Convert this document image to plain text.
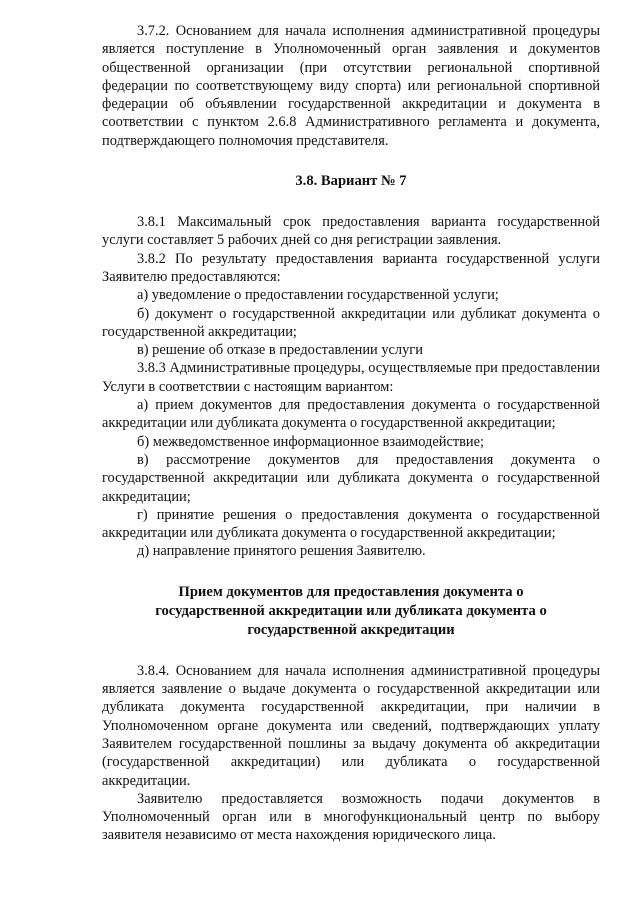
3.7.2. Основанием для начала исполнения административной процедуры является поступление в Уполномоченный орган заявления и документов общественной организации (при отсутствии региональной спортивной федерации по соответствующему виду спорта) или региональной спортивной федерации об объявлении государственной аккредитации и документа в соответствии с пунктом 2.6.8 Административного регламента и документа, подтверждающего полномочия представителя.

3.8. Вариант № 7

3.8.1 Максимальный срок предоставления варианта государственной услуги составляет 5 рабочих дней со дня регистрации заявления.

3.8.2 По результату предоставления варианта государственной услуги Заявителю предоставляются:

а) уведомление о предоставлении государственной услуги;

б) документ о государственной аккредитации или дубликат документа о государственной аккредитации;

в) решение об отказе в предоставлении услуги

3.8.3 Административные процедуры, осуществляемые при предоставлении Услуги в соответствии с настоящим вариантом:

а) прием документов для предоставления документа о государственной аккредитации или дубликата документа о государственной аккредитации;

б) межведомственное информационное взаимодействие;

в) рассмотрение документов для предоставления документа о государственной аккредитации или дубликата документа о государственной аккредитации;

г) принятие решения о предоставления документа о государственной аккредитации или дубликата документа о государственной аккредитации;

д) направление принятого решения Заявителю.

Прием документов для предоставления документа о государственной аккредитации или дубликата документа о государственной аккредитации

3.8.4. Основанием для начала исполнения административной процедуры является заявление о выдаче документа о государственной аккредитации или дубликата документа государственной аккредитации, при наличии в Уполномоченном органе документа или сведений, подтверждающих уплату Заявителем государственной пошлины за выдачу документа об аккредитации (государственной аккредитации) или дубликата о государственной аккредитации.

Заявителю предоставляется возможность подачи документов в Уполномоченный орган или в многофункциональный центр по выбору заявителя независимо от места нахождения юридического лица.
